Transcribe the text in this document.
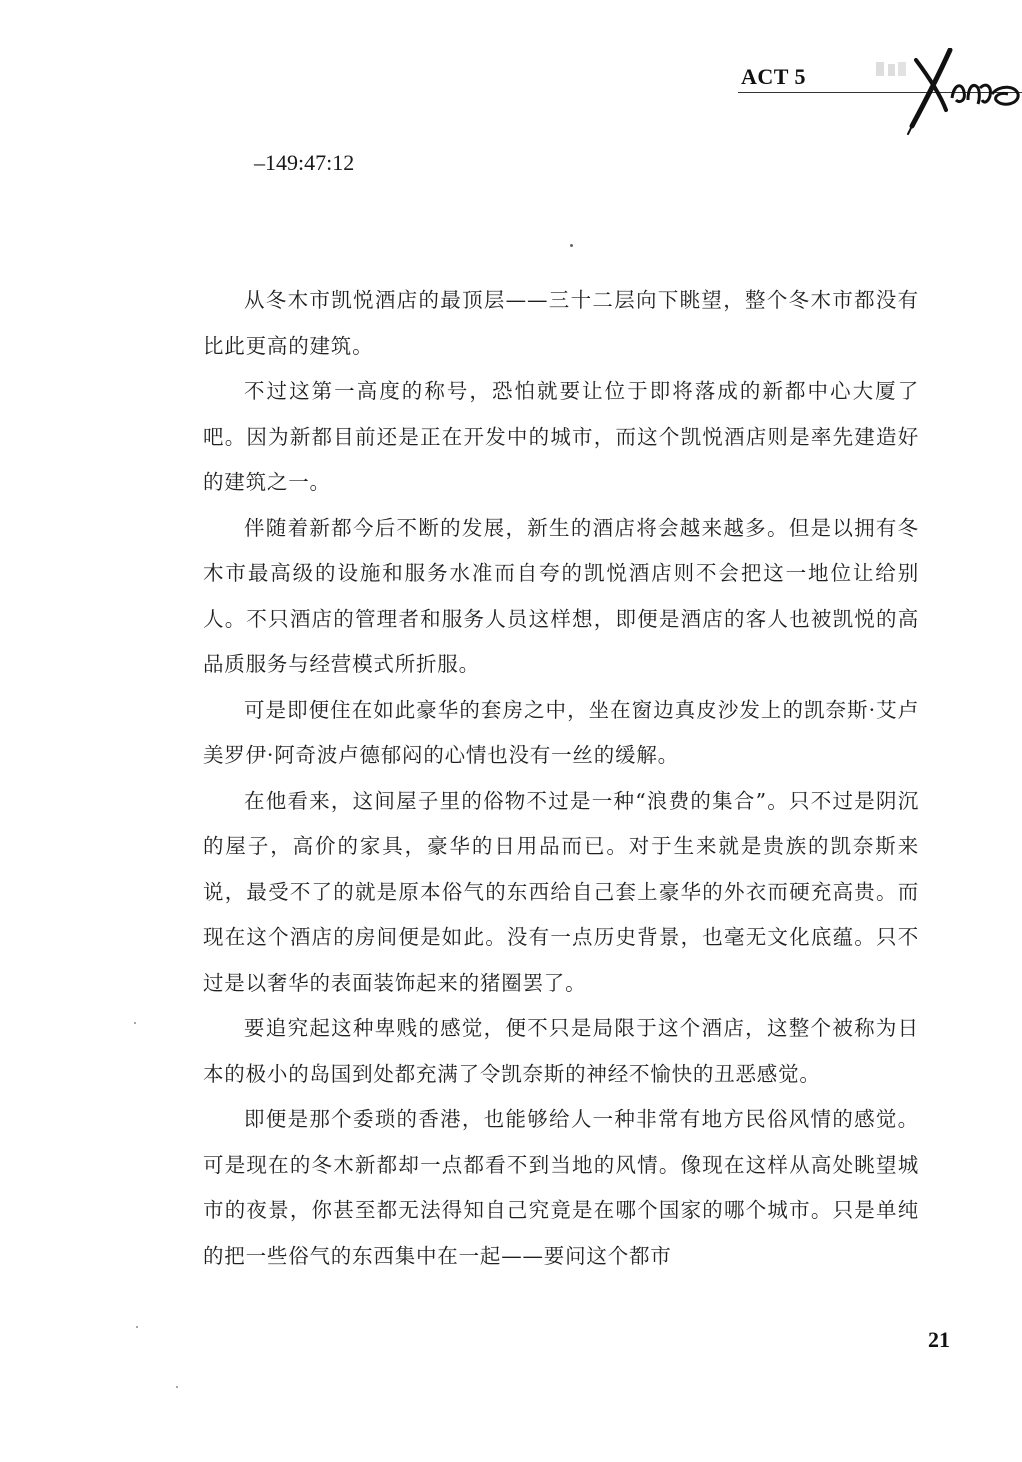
ACT 5
–149:47:12

从冬木市凯悦酒店的最顶层——三十二层向下眺望，整个冬木市都没有比此更高的建筑。

不过这第一高度的称号，恐怕就要让位于即将落成的新都中心大厦了吧。因为新都目前还是正在开发中的城市，而这个凯悦酒店则是率先建造好的建筑之一。

伴随着新都今后不断的发展，新生的酒店将会越来越多。但是以拥有冬木市最高级的设施和服务水准而自夸的凯悦酒店则不会把这一地位让给别人。不只酒店的管理者和服务人员这样想，即便是酒店的客人也被凯悦的高品质服务与经营模式所折服。

可是即便住在如此豪华的套房之中，坐在窗边真皮沙发上的凯奈斯·艾卢美罗伊·阿奇波卢德郁闷的心情也没有一丝的缓解。

在他看来，这间屋子里的俗物不过是一种“浪费的集合”。只不过是阴沉的屋子，高价的家具，豪华的日用品而已。对于生来就是贵族的凯奈斯来说，最受不了的就是原本俗气的东西给自己套上豪华的外衣而硬充高贵。而现在这个酒店的房间便是如此。没有一点历史背景，也毫无文化底蕴。只不过是以奢华的表面装饰起来的猪圈罢了。

要追究起这种卑贱的感觉，便不只是局限于这个酒店，这整个被称为日本的极小的岛国到处都充满了令凯奈斯的神经不愉快的丑恶感觉。

即便是那个委琐的香港，也能够给人一种非常有地方民俗风情的感觉。可是现在的冬木新都却一点都看不到当地的风情。像现在这样从高处眺望城市的夜景，你甚至都无法得知自己究竟是在哪个国家的哪个城市。只是单纯的把一些俗气的东西集中在一起——要问这个都市

21
